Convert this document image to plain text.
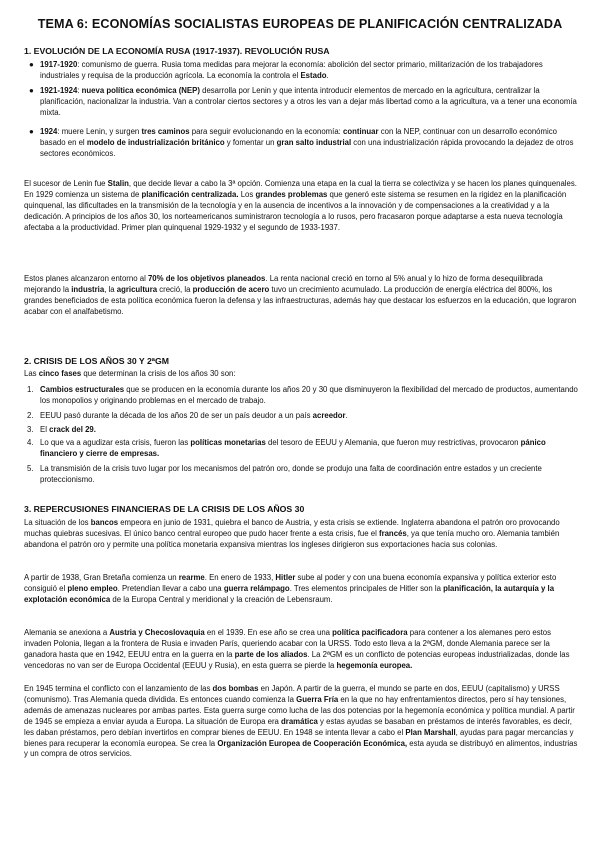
TEMA 6: ECONOMÍAS SOCIALISTAS EUROPEAS DE PLANIFICACIÓN CENTRALIZADA
1. EVOLUCIÓN DE LA ECONOMÍA RUSA (1917-1937). REVOLUCIÓN RUSA
● 1917-1920: comunismo de guerra. Rusia toma medidas para mejorar la economía: abolición del sector primario, militarización de los trabajadores industriales y requisa de la producción agrícola. La economía la controla el Estado.
● 1921-1924: nueva política económica (NEP) desarrolla por Lenin y que intenta introducir elementos de mercado en la agricultura, centralizar la planificación, nacionalizar la industria. Van a controlar ciertos sectores y a otros les van a dejar más libertad como a la agricultura, va a tener una economía mixta.
● 1924: muere Lenin, y surgen tres caminos para seguir evolucionando en la economía: continuar con la NEP, continuar con un desarrollo económico basado en el modelo de industrialización británico y fomentar un gran salto industrial con una industrialización rápida provocando la dejadez de otros sectores económicos.
El sucesor de Lenin fue Stalin, que decide llevar a cabo la 3ª opción. Comienza una etapa en la cual la tierra se colectiviza y se hacen los planes quinquenales. En 1929 comienza un sistema de planificación centralizada. Los grandes problemas que generó este sistema se resumen en la rigidez en la planificación quinquenal, las dificultades en la transmisión de la tecnología y en la ausencia de incentivos a la innovación y de compensaciones a la creatividad y a la dedicación. A principios de los años 30, los norteamericanos suministraron tecnología a lo rusos, pero fracasaron porque adaptarse a esta nueva tecnología afectaba a la productividad. Primer plan quinquenal 1929-1932 y el segundo de 1933-1937.
Estos planes alcanzaron entorno al 70% de los objetivos planeados. La renta nacional creció en torno al 5% anual y lo hizo de forma desequilibrada mejorando la industria, la agricultura creció, la producción de acero tuvo un crecimiento acumulado. La producción de energía eléctrica del 800%, los grandes beneficiados de esta política económica fueron la defensa y las infraestructuras, además hay que destacar los esfuerzos en la educación, que lograron acabar con el analfabetismo.
2. CRISIS DE LOS AÑOS 30 Y 2ªGM
Las cinco fases que determinan la crisis de los años 30 son:
1. Cambios estructurales que se producen en la economía durante los años 20 y 30 que disminuyeron la flexibilidad del mercado de productos, aumentando los monopolios y originando problemas en el mercado de trabajo.
2. EEUU pasó durante la década de los años 20 de ser un país deudor a un país acreedor.
3. El crack del 29.
4. Lo que va a agudizar esta crisis, fueron las políticas monetarias del tesoro de EEUU y Alemania, que fueron muy restrictivas, provocaron pánico financiero y cierre de empresas.
5. La transmisión de la crisis tuvo lugar por los mecanismos del patrón oro, donde se produjo una falta de coordinación entre estados y un creciente proteccionismo.
3. REPERCUSIONES FINANCIERAS DE LA CRISIS DE LOS AÑOS 30
La situación de los bancos empeora en junio de 1931, quiebra el banco de Austria, y esta crisis se extiende. Inglaterra abandona el patrón oro provocando muchas quiebras sucesivas. El único banco central europeo que pudo hacer frente a esta crisis, fue el francés, ya que tenía mucho oro. Alemania también abandona el patrón oro y permite una política monetaria expansiva mientras los ingleses dirigieron sus exportaciones hacia sus colonias.
A partir de 1938, Gran Bretaña comienza un rearme. En enero de 1933, Hitler sube al poder y con una buena economía expansiva y política exterior esto consiguió el pleno empleo. Pretendían llevar a cabo una guerra relámpago. Tres elementos principales de Hitler son la planificación, la autarquía y la explotación económica de la Europa Central y meridional y la creación de Lebensraum.
Alemania se anexiona a Austria y Checoslovaquia en el 1939. En ese año se crea una política pacificadora para contener a los alemanes pero estos invaden Polonia, llegan a la frontera de Rusia e invaden París, queriendo acabar con la URSS. Todo esto lleva a la 2ªGM, donde Alemania parece ser la ganadora hasta que en 1942, EEUU entra en la guerra en la parte de los aliados. La 2ªGM es un conflicto de potencias europeas industrializadas, donde las vencedoras no van ser de Europa Occidental (EEUU y Rusia), en esta guerra se pierde la hegemonía europea.
En 1945 termina el conflicto con el lanzamiento de las dos bombas en Japón. A partir de la guerra, el mundo se parte en dos, EEUU (capitalismo) y URSS (comunismo). Tras Alemania queda dividida. Es entonces cuando comienza la Guerra Fría en la que no hay enfrentamientos directos, pero sí hay tensiones, además de amenazas nucleares por ambas partes. Esta guerra surge como lucha de las dos potencias por la hegemonía económica y política mundial. A partir de 1945 se empieza a enviar ayuda a Europa. La situación de Europa era dramática y estas ayudas se basaban en préstamos de interés favorables, es decir, les daban préstamos, pero debían invertirlos en comprar bienes de EEUU. En 1948 se intenta llevar a cabo el Plan Marshall, ayudas para pagar mercancías y bienes para recuperar la economía europea. Se crea la Organización Europea de Cooperación Económica, esta ayuda se distribuyó en alimentos, industrias y un compra de otros servicios.
